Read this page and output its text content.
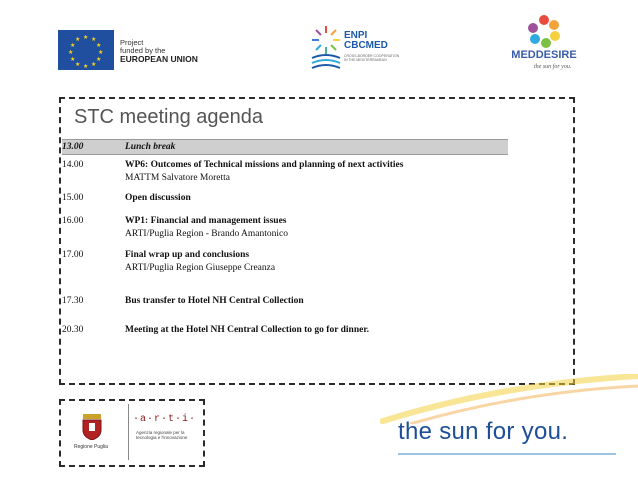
★ ★
★
★
★
★
★
★
★
★
★
★	Project
funded by the
EUROPEAN UNION
ENPI
CBCMED
CROSS-BORDER COOPERATION IN THE MEDITERRANEAN	MEDDESIRE
the sun for you.
STC meeting agenda
13.00	Lunch break
14.00	WP6: Outcomes of Technical missions and planning of next activities
MATTM Salvatore Moretta
15.00	Open discussion
16.00	WP1: Financial and management issues
ARTI/Puglia Region - Brando Amantonico
17.00	Final wrap up and conclusions
ARTI/Puglia Region Giuseppe Creanza
17.30	Bus transfer to Hotel NH Central Collection
20.30	Meeting at the Hotel NH Central Collection to go for dinner.
Regione Puglia
·a·r·t·i·
Agenzia regionale per la tecnologia e l'innovazione	the sun for you.
